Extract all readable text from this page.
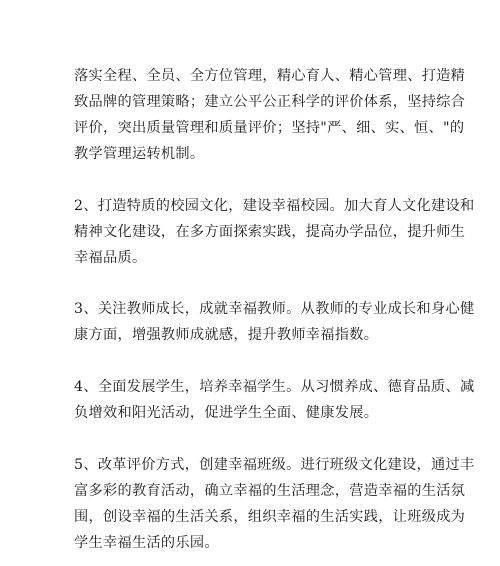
落实全程、全员、全方位管理，精心育人、精心管理、打造精
致品牌的管理策略；建立公平公正科学的评价体系，坚持综合
评价，突出质量管理和质量评价；坚持"严、细、实、恒、"的
教学管理运转机制。

2、打造特质的校园文化，建设幸福校园。加大育人文化建设和
精神文化建设，在多方面探索实践，提高办学品位，提升师生
幸福品质。

3、关注教师成长，成就幸福教师。从教师的专业成长和身心健
康方面，增强教师成就感，提升教师幸福指数。

4、全面发展学生，培养幸福学生。从习惯养成、德育品质、减
负增效和阳光活动，促进学生全面、健康发展。

5、改革评价方式，创建幸福班级。进行班级文化建设，通过丰
富多彩的教育活动，确立幸福的生活理念，营造幸福的生活氛
围，创设幸福的生活关系，组织幸福的生活实践，让班级成为
学生幸福生活的乐园。
